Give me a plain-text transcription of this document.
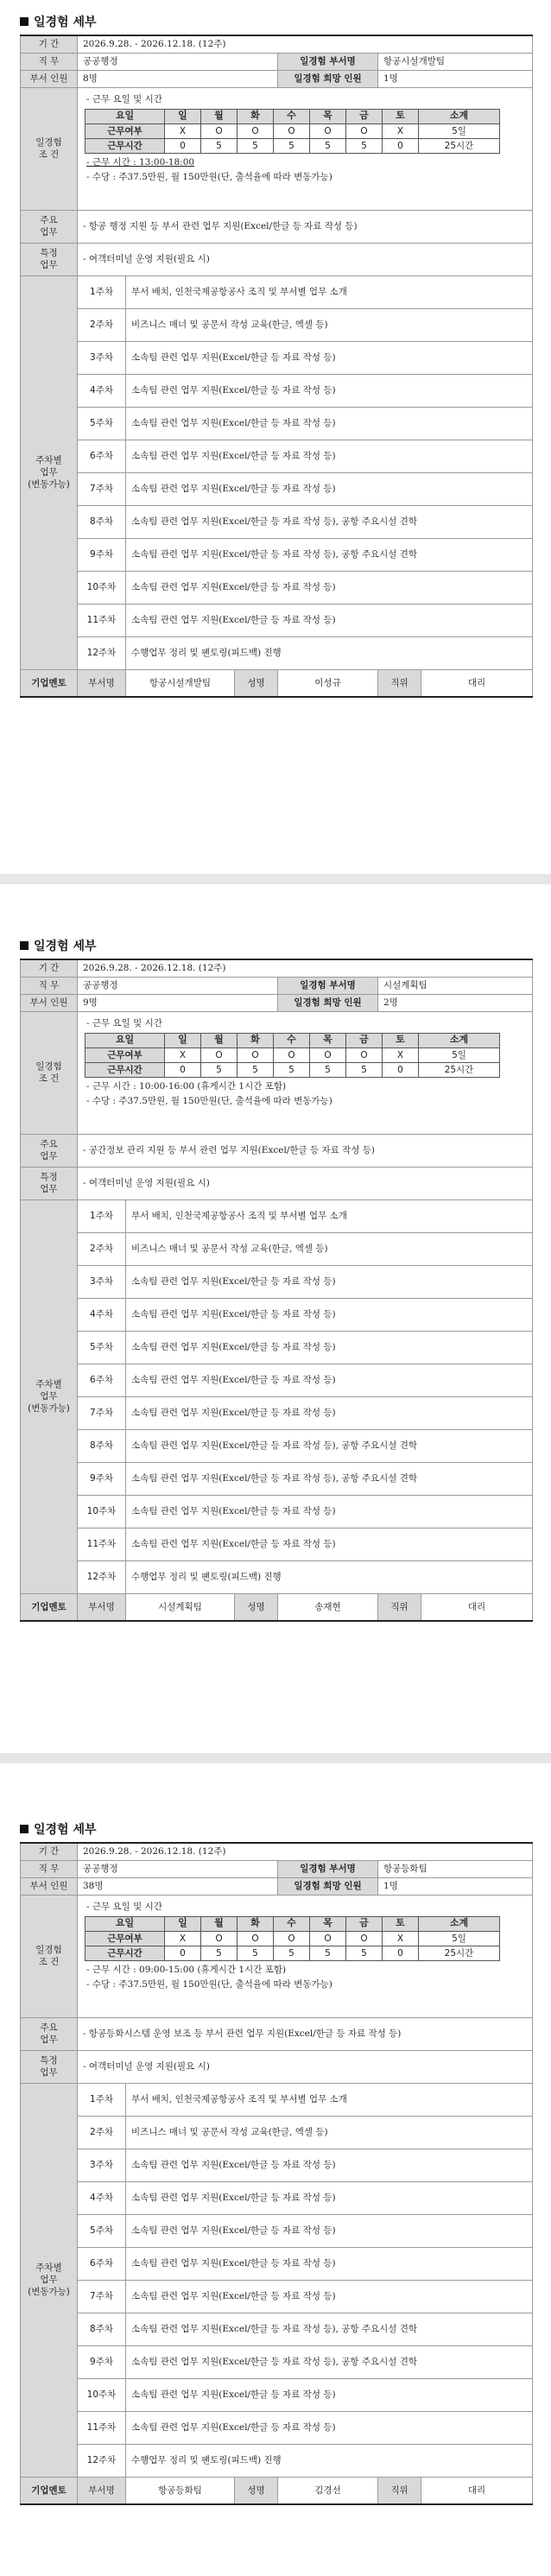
일경험 세부
기 간	2026.9.28. - 2026.12.18. (12주)
직 무	공공행정	일경험 부서명	항공시설개발팀
부서 인원	8명	일경험 희망 인원	1명
일경험
조 건	
- 근무 요일 및 시간
요일	일	월	화	수	목	금	토	소계
근무여부	X	O	O	O	O	O	X	5일
근무시간	0	5	5	5	5	5	0	25시간
- 근무 시간 : 13:00-18:00
- 수당 : 주37.5만원, 월 150만원(단, 출석율에 따라 변동가능)

주요
업무	- 항공 행정 지원 등 부서 관련 업무 지원(Excel/한글 등 자료 작성 등)
특정
업무	- 여객터미널 운영 지원(필요 시)
주차별
업무
(변동가능)	1주차	부서 배치, 인천국제공항공사 조직 및 부서별 업무 소개
2주차	비즈니스 매너 및 공문서 작성 교육(한글, 엑셀 등)
3주차	소속팀 관련 업무 지원(Excel/한글 등 자료 작성 등)
4주차	소속팀 관련 업무 지원(Excel/한글 등 자료 작성 등)
5주차	소속팀 관련 업무 지원(Excel/한글 등 자료 작성 등)
6주차	소속팀 관련 업무 지원(Excel/한글 등 자료 작성 등)
7주차	소속팀 관련 업무 지원(Excel/한글 등 자료 작성 등)
8주차	소속팀 관련 업무 지원(Excel/한글 등 자료 작성 등), 공항 주요시설 견학
9주차	소속팀 관련 업무 지원(Excel/한글 등 자료 작성 등), 공항 주요시설 견학
10주차	소속팀 관련 업무 지원(Excel/한글 등 자료 작성 등)
11주차	소속팀 관련 업무 지원(Excel/한글 등 자료 작성 등)
12주차	수행업무 정리 및 팬토링(피드백) 진행
기업멘토	부서명	항공시설개발팀	성명	이성규	직위	대리
일경험 세부
기 간	2026.9.28. - 2026.12.18. (12주)
직 무	공공행정	일경험 부서명	시설계획팀
부서 인원	9명	일경험 희망 인원	2명
일경험
조 건	
- 근무 요일 및 시간
요일	일	월	화	수	목	금	토	소계
근무여부	X	O	O	O	O	O	X	5일
근무시간	0	5	5	5	5	5	0	25시간
- 근무 시간 : 10:00-16:00 (휴게시간 1시간 포함)
- 수당 : 주37.5만원, 월 150만원(단, 출석율에 따라 변동가능)

주요
업무	- 공간정보 관리 지원 등 부서 관련 업무 지원(Excel/한글 등 자료 작성 등)
특정
업무	- 여객터미널 운영 지원(필요 시)
주차별
업무
(변동가능)	1주차	부서 배치, 인천국제공항공사 조직 및 부서별 업무 소개
2주차	비즈니스 매너 및 공문서 작성 교육(한글, 엑셀 등)
3주차	소속팀 관련 업무 지원(Excel/한글 등 자료 작성 등)
4주차	소속팀 관련 업무 지원(Excel/한글 등 자료 작성 등)
5주차	소속팀 관련 업무 지원(Excel/한글 등 자료 작성 등)
6주차	소속팀 관련 업무 지원(Excel/한글 등 자료 작성 등)
7주차	소속팀 관련 업무 지원(Excel/한글 등 자료 작성 등)
8주차	소속팀 관련 업무 지원(Excel/한글 등 자료 작성 등), 공항 주요시설 견학
9주차	소속팀 관련 업무 지원(Excel/한글 등 자료 작성 등), 공항 주요시설 견학
10주차	소속팀 관련 업무 지원(Excel/한글 등 자료 작성 등)
11주차	소속팀 관련 업무 지원(Excel/한글 등 자료 작성 등)
12주차	수행업무 정리 및 팬토링(피드백) 진행
기업멘토	부서명	시설계획팀	성명	송재현	직위	대리
일경험 세부
기 간	2026.9.28. - 2026.12.18. (12주)
직 무	공공행정	일경험 부서명	항공등화팀
부서 인원	38명	일경험 희망 인원	1명
일경험
조 건	
- 근무 요일 및 시간
요일	일	월	화	수	목	금	토	소계
근무여부	X	O	O	O	O	O	X	5일
근무시간	0	5	5	5	5	5	0	25시간
- 근무 시간 : 09:00-15:00 (휴게시간 1시간 포함)
- 수당 : 주37.5만원, 월 150만원(단, 출석율에 따라 변동가능)

주요
업무	- 항공등화시스템 운영 보조 등 부서 관련 업무 지원(Excel/한글 등 자료 작성 등)
특정
업무	- 여객터미널 운영 지원(필요 시)
주차별
업무
(변동가능)	1주차	부서 배치, 인천국제공항공사 조직 및 부서별 업무 소개
2주차	비즈니스 매너 및 공문서 작성 교육(한글, 엑셀 등)
3주차	소속팀 관련 업무 지원(Excel/한글 등 자료 작성 등)
4주차	소속팀 관련 업무 지원(Excel/한글 등 자료 작성 등)
5주차	소속팀 관련 업무 지원(Excel/한글 등 자료 작성 등)
6주차	소속팀 관련 업무 지원(Excel/한글 등 자료 작성 등)
7주차	소속팀 관련 업무 지원(Excel/한글 등 자료 작성 등)
8주차	소속팀 관련 업무 지원(Excel/한글 등 자료 작성 등), 공항 주요시설 견학
9주차	소속팀 관련 업무 지원(Excel/한글 등 자료 작성 등), 공항 주요시설 견학
10주차	소속팀 관련 업무 지원(Excel/한글 등 자료 작성 등)
11주차	소속팀 관련 업무 지원(Excel/한글 등 자료 작성 등)
12주차	수행업무 정리 및 팬토링(피드백) 진행
기업멘토	부서명	항공등화팀	성명	김경선	직위	대리
